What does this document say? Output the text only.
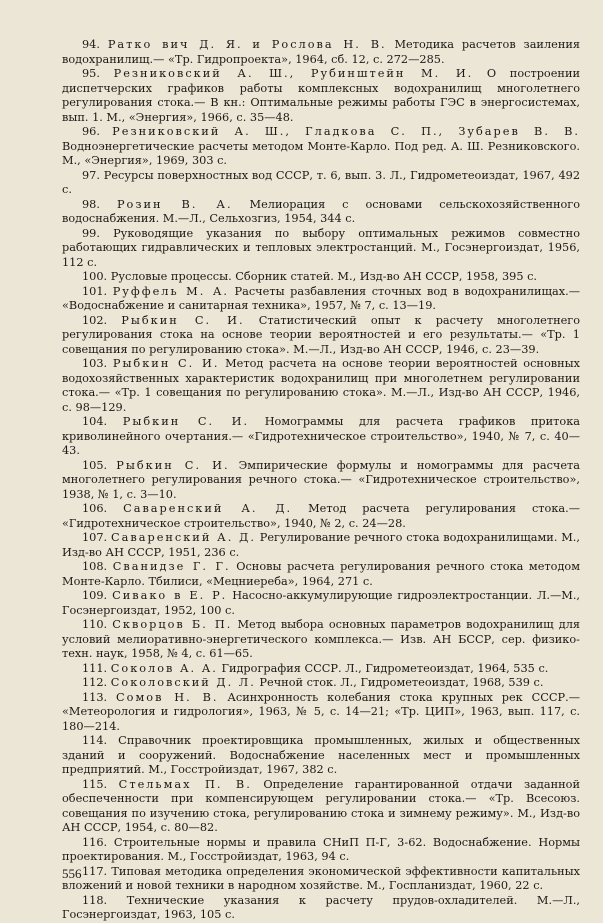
94. Ратко вич Д. Я. и Рослова Н. В. Методика расчетов заиления водохранилищ.— «Тр. Гидропроекта», 1964, сб. 12, с. 272—285.

95. Резниковский А. Ш., Рубинштейн М. И. О построении диспетчерских графиков работы комплексных водохранилищ многолетнего регулирования стока.— В кн.: Оптимальные режимы работы ГЭС в энергосистемах, вып. 1. М., «Энергия», 1966, с. 35—48.

96. Резниковский А. Ш., Гладкова С. П., Зубарев В. В. Водноэнергетические расчеты методом Монте-Карло. Под ред. А. Ш. Резниковского. М., «Энергия», 1969, 303 с.

97. Ресурсы поверхностных вод СССР, т. 6, вып. 3. Л., Гидрометеоиздат, 1967, 492 с.

98. Розин В. А. Мелиорация с основами сельскохозяйственного водоснабжения. М.—Л., Сельхозгиз, 1954, 344 с.

99. Руководящие указания по выбору оптимальных режимов совместно работающих гидравлических и тепловых электростанций. М., Госэнергоиздат, 1956, 112 с.

100. Русловые процессы. Сборник статей. М., Изд-во АН СССР, 1958, 395 с.

101. Руффель М. А. Расчеты разбавления сточных вод в водохранилищах.— «Водоснабжение и санитарная техника», 1957, № 7, с. 13—19.

102. Рыбкин С. И. Статистический опыт к расчету многолетнего регулирования стока на основе теории вероятностей и его результаты.— «Тр. 1 совещания по регулированию стока». М.—Л., Изд-во АН СССР, 1946, с. 23—39.

103. Рыбкин С. И. Метод расчета на основе теории вероятностей основных водохозяйственных характеристик водохранилищ при многолетнем регулировании стока.— «Тр. 1 совещания по регулированию стока». М.—Л., Изд-во АН СССР, 1946, с. 98—129.

104. Рыбкин С. И. Номограммы для расчета графиков притока криволинейного очертания.— «Гидротехническое строительство», 1940, № 7, с. 40—43.

105. Рыбкин С. И. Эмпирические формулы и номограммы для расчета многолетнего регулирования речного стока.— «Гидротехническое строительство», 1938, № 1, с. 3—10.

106. Саваренский А. Д. Метод расчета регулирования стока.— «Гидротехническое строительство», 1940, № 2, с. 24—28.

107. Саваренский А. Д. Регулирование речного стока водохранилищами. М., Изд-во АН СССР, 1951, 236 с.

108. Сванидзе Г. Г. Основы расчета регулирования речного стока методом Монте-Карло. Тбилиси, «Мецниереба», 1964, 271 с.

109. Сивако в Е. Р. Насосно-аккумулирующие гидроэлектростанции. Л.—М., Госэнергоиздат, 1952, 100 с.

110. Скворцов Б. П. Метод выбора основных параметров водохранилищ для условий мелиоративно-энергетического комплекса.— Изв. АН БССР, сер. физико-техн. наук, 1958, № 4, с. 61—65.

111. Соколов А. А. Гидрография СССР. Л., Гидрометеоиздат, 1964, 535 с.

112. Соколовский Д. Л. Речной сток. Л., Гидрометеоиздат, 1968, 539 с.

113. Сомов Н. В. Асинхронность колебания стока крупных рек СССР.— «Метеорология и гидрология», 1963, № 5, с. 14—21; «Тр. ЦИП», 1963, вып. 117, с. 180—214.

114. Справочник проектировщика промышленных, жилых и общественных зданий и сооружений. Водоснабжение населенных мест и промышленных предприятий. М., Госстройиздат, 1967, 382 с.

115. Стельмах П. В. Определение гарантированной отдачи заданной обеспеченности при компенсирующем регулировании стока.— «Тр. Всесоюз. совещания по изучению стока, регулированию стока и зимнему режиму». М., Изд-во АН СССР, 1954, с. 80—82.

116. Строительные нормы и правила СНиП П-Г, 3-62. Водоснабжение. Нормы проектирования. М., Госстройиздат, 1963, 94 с.

117. Типовая методика определения экономической эффективности капитальных вложений и новой техники в народном хозяйстве. М., Госпланиздат, 1960, 22 с.

118. Технические указания к расчету прудов-охладителей. М.—Л., Госэнергоиздат, 1963, 105 с.

556
